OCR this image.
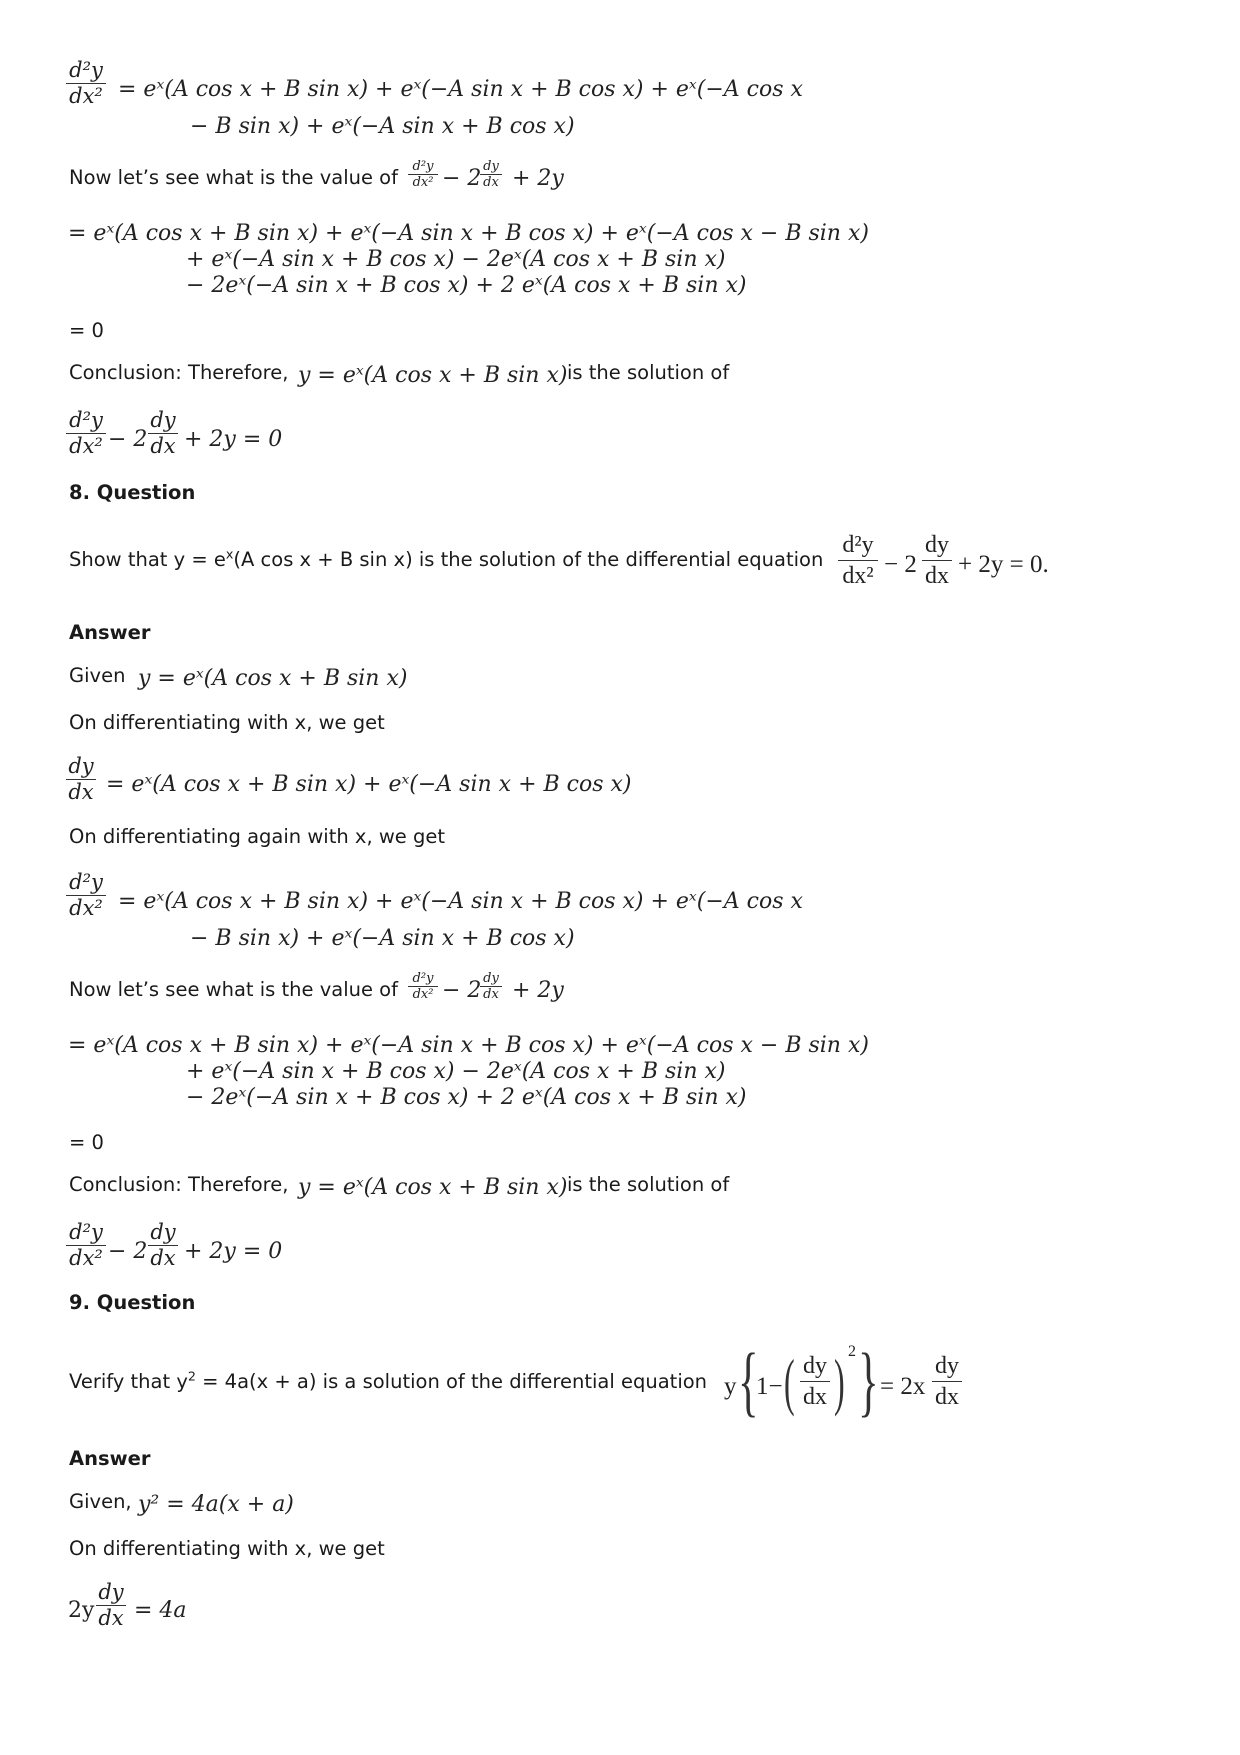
d²y
dx² = eˣ(A cos x + B sin x) + eˣ(−A sin x + B cos x) + eˣ(−A cos x
− B sin x) + eˣ(−A sin x + B cos x)
Now let’s see what is the value of	d²y
dx² − 2 dy
dx + 2y
= eˣ(A cos x + B sin x) + eˣ(−A sin x + B cos x) + eˣ(−A cos x − B sin x)
+ eˣ(−A sin x + B cos x) − 2eˣ(A cos x + B sin x)
− 2eˣ(−A sin x + B cos x) + 2 eˣ(A cos x + B sin x)
= 0
Conclusion: Therefore, y = eˣ(A cos x + B sin x) is the solution of
d²y
dx² − 2
dy
dx + 2y = 0
8. Question
Show that $y = e^x(A$ cos x + B sin x) is the solution of the differential equation
d²y
dx² − 2
dy
dx + 2y = 0.
Answer
Given y = eˣ(A cos x + B sin x)
On differentiating with x, we get
dy
dx = eˣ(A cos x + B sin x) + eˣ(−A sin x + B cos x)
On differentiating again with x, we get
d²y
dx² = eˣ(A cos x + B sin x) + eˣ(−A sin x + B cos x) + eˣ(−A cos x
− B sin x) + eˣ(−A sin x + B cos x)
Now let’s see what is the value of	d²y
dx² − 2 dy
dx + 2y
= eˣ(A cos x + B sin x) + eˣ(−A sin x + B cos x) + eˣ(−A cos x − B sin x)
+ eˣ(−A sin x + B cos x) − 2eˣ(A cos x + B sin x)
− 2eˣ(−A sin x + B cos x) + 2 eˣ(A cos x + B sin x)
= 0
Conclusion: Therefore, y = eˣ(A cos x + B sin x) is the solution of
d²y
dx² − 2
dy
dx + 2y = 0
9. Question
Verify that $y^2 = 4a(x + a)$ is a solution of the differential equation y {
1− ( dy
dx ) 2 } = 2x
dy
dx
Answer
Given, y² = 4a(x + a)
On differentiating with x, we get
2y
dy
dx = 4a
